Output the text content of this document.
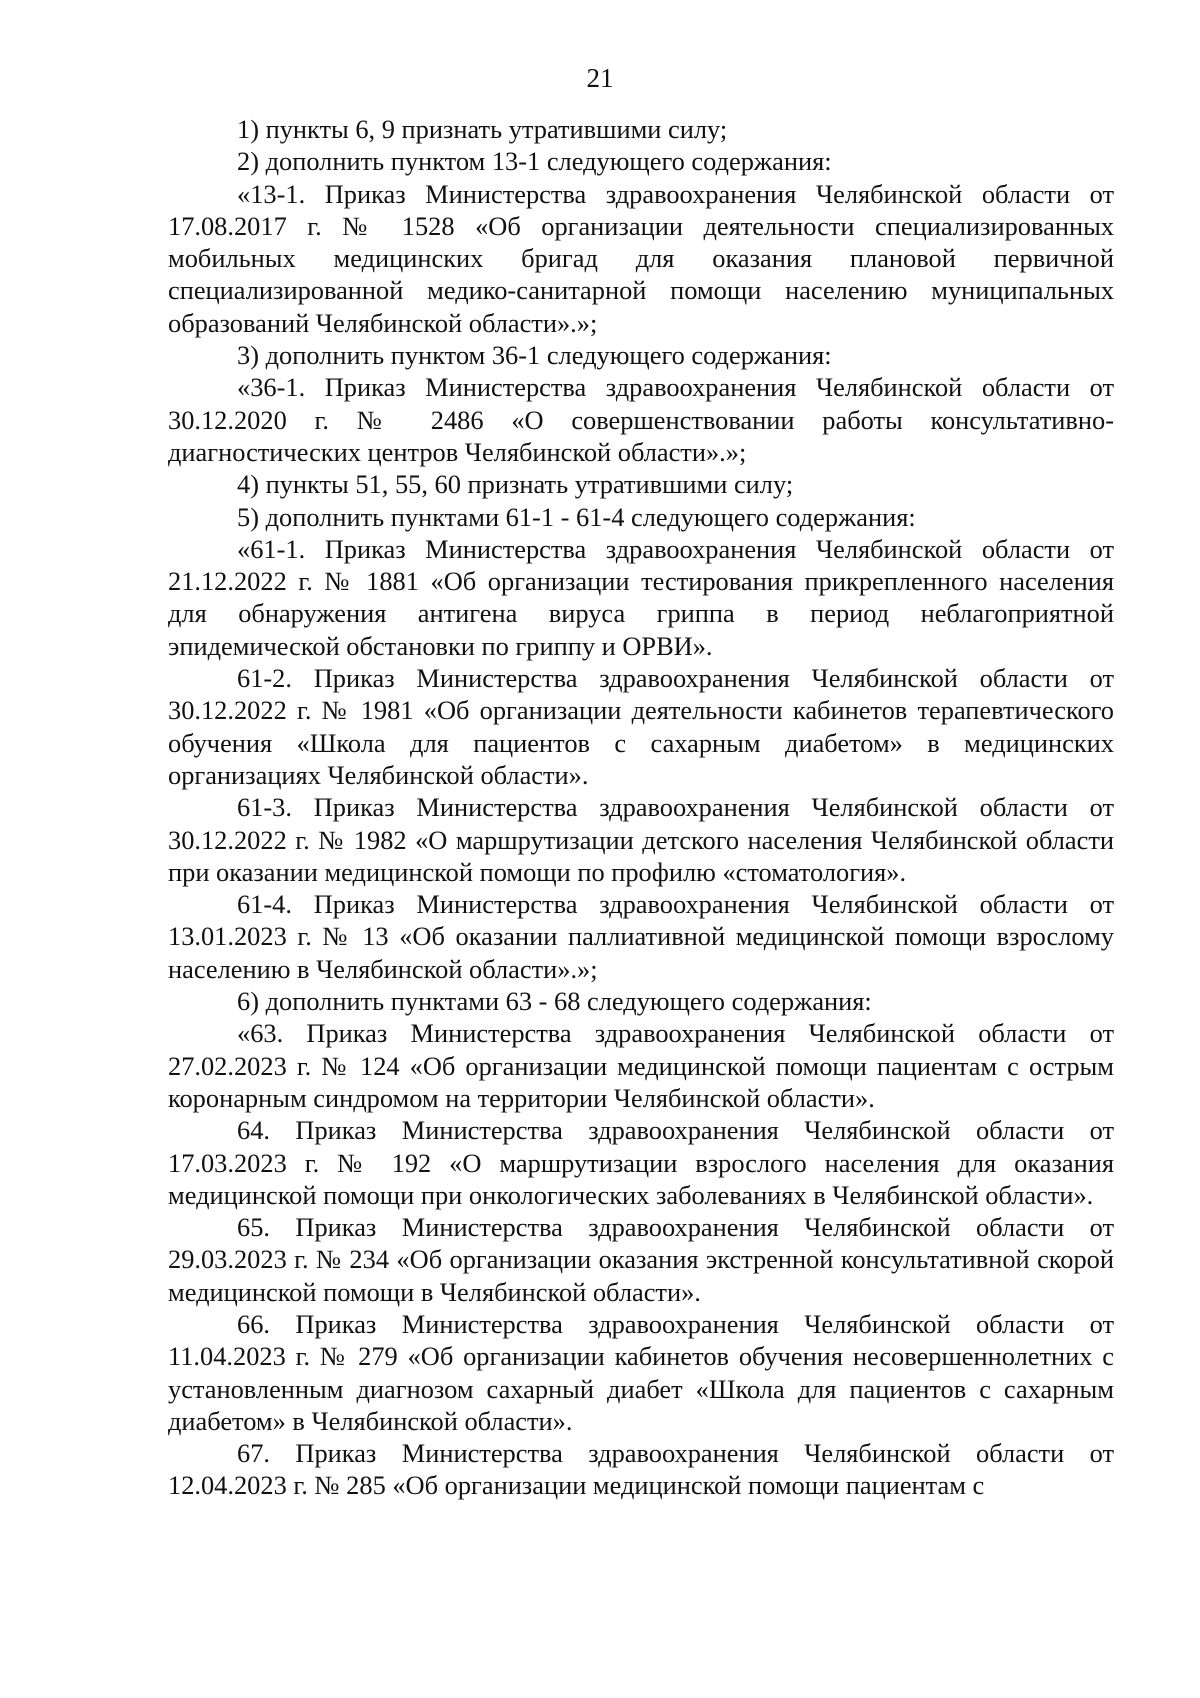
21

1) пункты 6, 9 признать утратившими силу;

2) дополнить пунктом 13-1 следующего содержания:

«13-1. Приказ Министерства здравоохранения Челябинской области от 17.08.2017 г. № 1528 «Об организации деятельности специализированных мобильных медицинских бригад для оказания плановой первичной специализированной медико-санитарной помощи населению муниципальных образований Челябинской области».»;

3) дополнить пунктом 36-1 следующего содержания:

«36-1. Приказ Министерства здравоохранения Челябинской области от 30.12.2020 г. № 2486 «О совершенствовании работы консультативно-диагностических центров Челябинской области».»;

4) пункты 51, 55, 60 признать утратившими силу;

5) дополнить пунктами 61-1 - 61-4 следующего содержания:

«61-1. Приказ Министерства здравоохранения Челябинской области от 21.12.2022 г. № 1881 «Об организации тестирования прикрепленного населения для обнаружения антигена вируса гриппа в период неблагоприятной эпидемической обстановки по гриппу и ОРВИ».

61-2. Приказ Министерства здравоохранения Челябинской области от 30.12.2022 г. № 1981 «Об организации деятельности кабинетов терапевтического обучения «Школа для пациентов с сахарным диабетом» в медицинских организациях Челябинской области».

61-3. Приказ Министерства здравоохранения Челябинской области от 30.12.2022 г. № 1982 «О маршрутизации детского населения Челябинской области при оказании медицинской помощи по профилю «стоматология».

61-4. Приказ Министерства здравоохранения Челябинской области от 13.01.2023 г. № 13 «Об оказании паллиативной медицинской помощи взрослому населению в Челябинской области».»;

6) дополнить пунктами 63 - 68 следующего содержания:

«63. Приказ Министерства здравоохранения Челябинской области от 27.02.2023 г. № 124 «Об организации медицинской помощи пациентам с острым коронарным синдромом на территории Челябинской области».

64. Приказ Министерства здравоохранения Челябинской области от 17.03.2023 г. № 192 «О маршрутизации взрослого населения для оказания медицинской помощи при онкологических заболеваниях в Челябинской области».

65. Приказ Министерства здравоохранения Челябинской области от 29.03.2023 г. № 234 «Об организации оказания экстренной консультативной скорой медицинской помощи в Челябинской области».

66. Приказ Министерства здравоохранения Челябинской области от 11.04.2023 г. № 279 «Об организации кабинетов обучения несовершеннолетних с установленным диагнозом сахарный диабет «Школа для пациентов с сахарным диабетом» в Челябинской области».

67. Приказ Министерства здравоохранения Челябинской области от 12.04.2023 г. № 285 «Об организации медицинской помощи пациентам с
